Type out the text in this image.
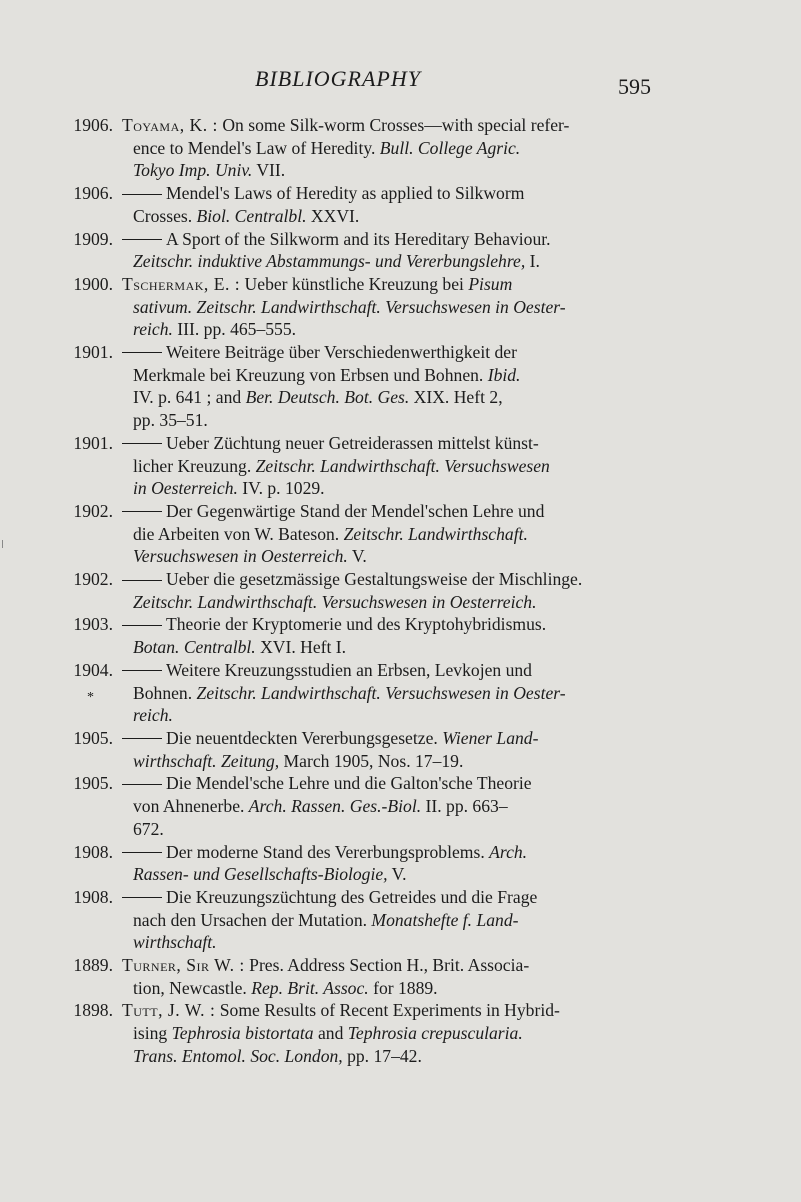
BIBLIOGRAPHY	595
1906. Toyama, K. : On some Silk-worm Crosses—with special refer-
ence to Mendel's Law of Heredity. Bull. College Agric.
Tokyo Imp. Univ. VII.
1906.	Mendel's Laws of Heredity as applied to Silkworm
Crosses. Biol. Centralbl. XXVI.
1909.	A Sport of the Silkworm and its Hereditary Behaviour.
Zeitschr. induktive Abstammungs- und Vererbungslehre, I.
1900. Tschermak, E. : Ueber künstliche Kreuzung bei Pisum
sativum. Zeitschr. Landwirthschaft. Versuchswesen in Oester-
reich. III. pp. 465–555.
1901.	Weitere Beiträge über Verschiedenwerthigkeit der
Merkmale bei Kreuzung von Erbsen und Bohnen. Ibid.
IV. p. 641 ; and Ber. Deutsch. Bot. Ges. XIX. Heft 2,
pp. 35–51.
1901.	Ueber Züchtung neuer Getreiderassen mittelst künst-
licher Kreuzung. Zeitschr. Landwirthschaft. Versuchswesen
in Oesterreich. IV. p. 1029.
1902.	Der Gegenwärtige Stand der Mendel'schen Lehre und
die Arbeiten von W. Bateson. Zeitschr. Landwirthschaft.
Versuchswesen in Oesterreich. V.
1902.	Ueber die gesetzmässige Gestaltungsweise der Mischlinge.
Zeitschr. Landwirthschaft. Versuchswesen in Oesterreich.
1903.	Theorie der Kryptomerie und des Kryptohybridismus.
Botan. Centralbl. XVI. Heft I.
1904.	Weitere Kreuzungsstudien an Erbsen, Levkojen und
Bohnen. Zeitschr. Landwirthschaft. Versuchswesen in Oester-
reich.
1905.	Die neuentdeckten Vererbungsgesetze. Wiener Land-
wirthschaft. Zeitung, March 1905, Nos. 17–19.
1905.	Die Mendel'sche Lehre und die Galton'sche Theorie
von Ahnenerbe. Arch. Rassen. Ges.-Biol. II. pp. 663–
672.
1908.	Der moderne Stand des Vererbungsproblems. Arch.
Rassen- und Gesellschafts-Biologie, V.
1908.	Die Kreuzungszüchtung des Getreides und die Frage
nach den Ursachen der Mutation. Monatshefte f. Land-
wirthschaft.
1889. Turner, Sir W. : Pres. Address Section H., Brit. Associa-
tion, Newcastle. Rep. Brit. Assoc. for 1889.
1898. Tutt, J. W. : Some Results of Recent Experiments in Hybrid-
ising Tephrosia bistortata and Tephrosia crepuscularia.
Trans. Entomol. Soc. London, pp. 17–42.
*
